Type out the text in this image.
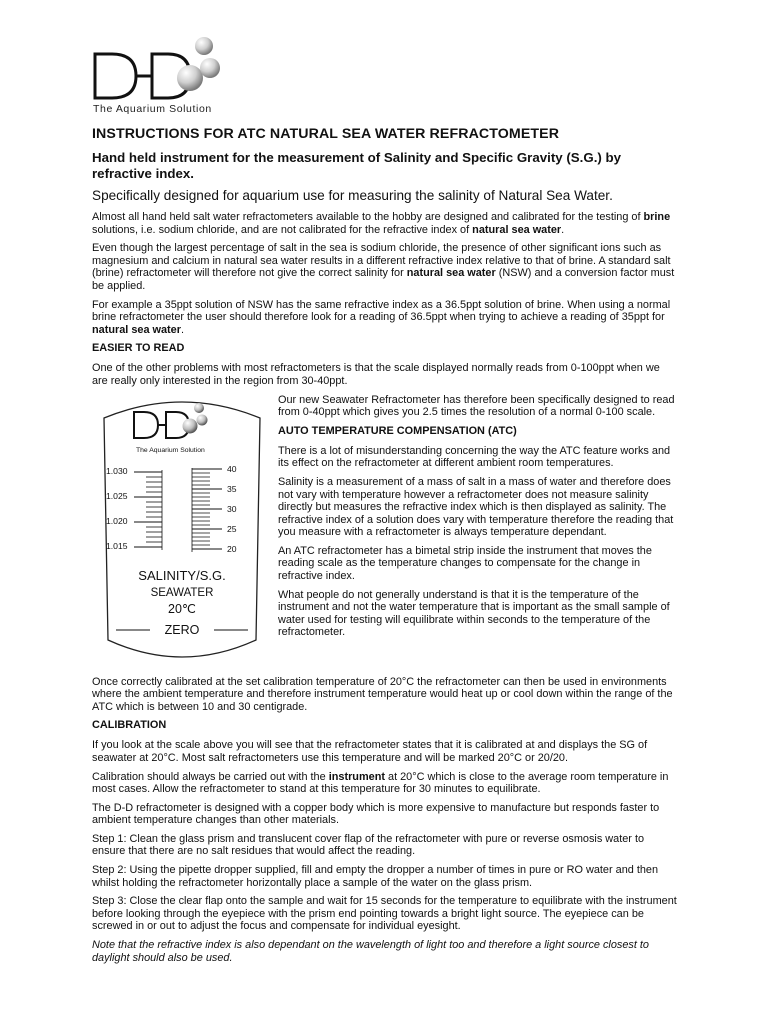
The Aquarium Solution
INSTRUCTIONS FOR ATC NATURAL SEA WATER REFRACTOMETER
Hand held instrument for the measurement of Salinity and Specific Gravity (S.G.) by refractive index.
Specifically designed for aquarium use for measuring the salinity of Natural Sea Water.

Almost all hand held salt water refractometers available to the hobby are designed and calibrated for the testing of brine solutions, i.e. sodium chloride, and are not calibrated for the refractive index of natural sea water.

Even though the largest percentage of salt in the sea is sodium chloride, the presence of other significant ions such as magnesium and calcium in natural sea water results in a different refractive index relative to that of brine. A standard salt (brine) refractometer will therefore not give the correct salinity for natural sea water (NSW) and a conversion factor must be applied.

For example a 35ppt solution of NSW has the same refractive index as a 36.5ppt solution of brine. When using a normal brine refractometer the user should therefore look for a reading of 36.5ppt when trying to achieve a reading of 35ppt for natural sea water.

EASIER TO READ

One of the other problems with most refractometers is that the scale displayed normally reads from 0-100ppt when we are really only interested in the region from 30-40ppt.

The Aquarium Solution
1.030
1.025
1.020
1.015
40
35
30
25
20
SALINITY/S.G.
SEAWATER
20℃
ZERO

Our new Seawater Refractometer has therefore been specifically designed to read from 0-40ppt which gives you 2.5 times the resolution of a normal 0-100 scale.

AUTO TEMPERATURE COMPENSATION (ATC)

There is a lot of misunderstanding concerning the way the ATC feature works and its effect on the refractometer at different ambient room temperatures.

Salinity is a measurement of a mass of salt in a mass of water and therefore does not vary with temperature however a refractometer does not measure salinity directly but measures the refractive index which is then displayed as salinity. The refractive index of a solution does vary with temperature therefore the reading that you measure with a refractometer is always temperature dependant.

An ATC refractometer has a bimetal strip inside the instrument that moves the reading scale as the temperature changes to compensate for the change in refractive index.

What people do not generally understand is that it is the temperature of the instrument and not the water temperature that is important as the small sample of water used for testing will equilibrate within seconds to the temperature of the refractometer.

Once correctly calibrated at the set calibration temperature of 20°C the refractometer can then be used in environments where the ambient temperature and therefore instrument temperature would heat up or cool down within the range of the ATC which is between 10 and 30 centigrade.

CALIBRATION

If you look at the scale above you will see that the refractometer states that it is calibrated at and displays the SG of seawater at 20°C. Most salt refractometers use this temperature and will be marked 20°C or 20/20.

Calibration should always be carried out with the instrument at 20°C which is close to the average room temperature in most cases. Allow the refractometer to stand at this temperature for 30 minutes to equilibrate.

The D-D refractometer is designed with a copper body which is more expensive to manufacture but responds faster to ambient temperature changes than other materials.

Step 1: Clean the glass prism and translucent cover flap of the refractometer with pure or reverse osmosis water to ensure that there are no salt residues that would affect the reading.

Step 2: Using the pipette dropper supplied, fill and empty the dropper a number of times in pure or RO water and then whilst holding the refractometer horizontally place a sample of the water on the glass prism.

Step 3: Close the clear flap onto the sample and wait for 15 seconds for the temperature to equilibrate with the instrument before looking through the eyepiece with the prism end pointing towards a bright light source. The eyepiece can be screwed in or out to adjust the focus and compensate for individual eyesight.

Note that the refractive index is also dependant on the wavelength of light too and therefore a light source closest to daylight should also be used.
